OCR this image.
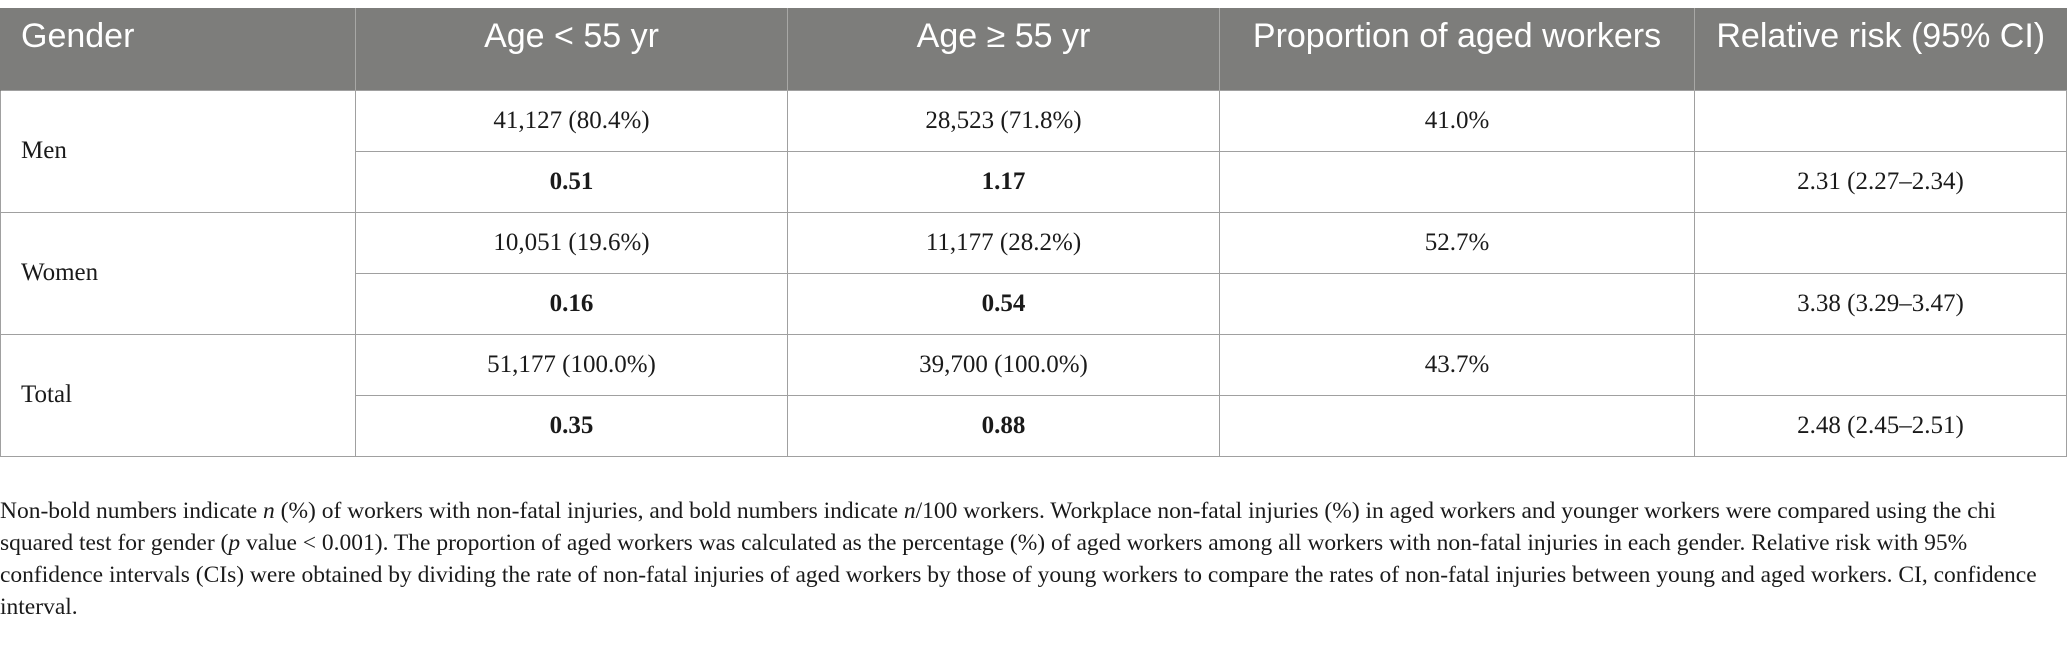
Gender	Age < 55 yr	Age ≥ 55 yr	Proportion of aged workers	Relative risk (95% CI)
Men	41,127 (80.4%)	28,523 (71.8%)	41.0%	
	0.51	1.17		2.31 (2.27–2.34)
Women	10,051 (19.6%)	11,177 (28.2%)	52.7%	
	0.16	0.54		3.38 (3.29–3.47)
Total	51,177 (100.0%)	39,700 (100.0%)	43.7%	
	0.35	0.88		2.48 (2.45–2.51)
Non-bold numbers indicate n (%) of workers with non-fatal injuries, and bold numbers indicate n/100 workers. Workplace non-fatal injuries (%) in aged workers and younger workers were compared using the chi squared test for gender (p value < 0.001). The proportion of aged workers was calculated as the percentage (%) of aged workers among all workers with non-fatal injuries in each gender. Relative risk with 95% confidence intervals (CIs) were obtained by dividing the rate of non-fatal injuries of aged workers by those of young workers to compare the rates of non-fatal injuries between young and aged workers. CI, confidence interval.
